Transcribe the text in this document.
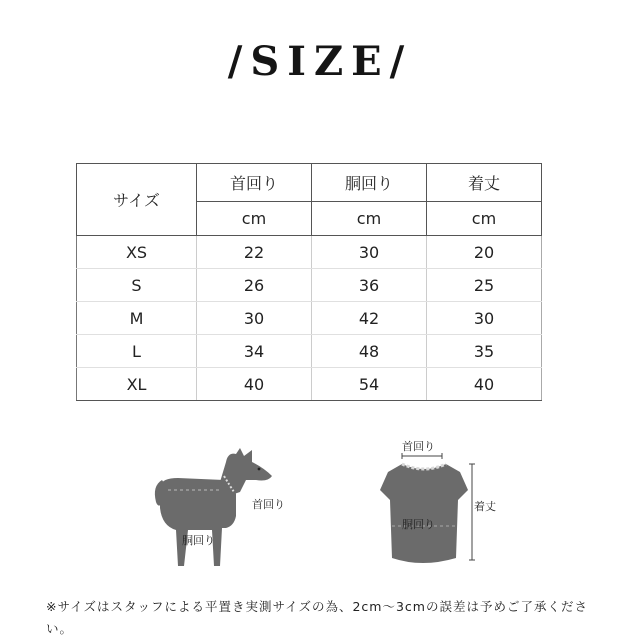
/SIZE/
サイズ	首回り	胴回り	着丈
	cm	cm	cm
XS	22	30	20
S	26	36	25
M	30	42	30
L	34	48	35
XL	40	54	40
首回り
胴回り
首回り
胴回り
着丈
※サイズはスタッフによる平置き実測サイズの為、2cm〜3cmの誤差は予めご了承ください。
